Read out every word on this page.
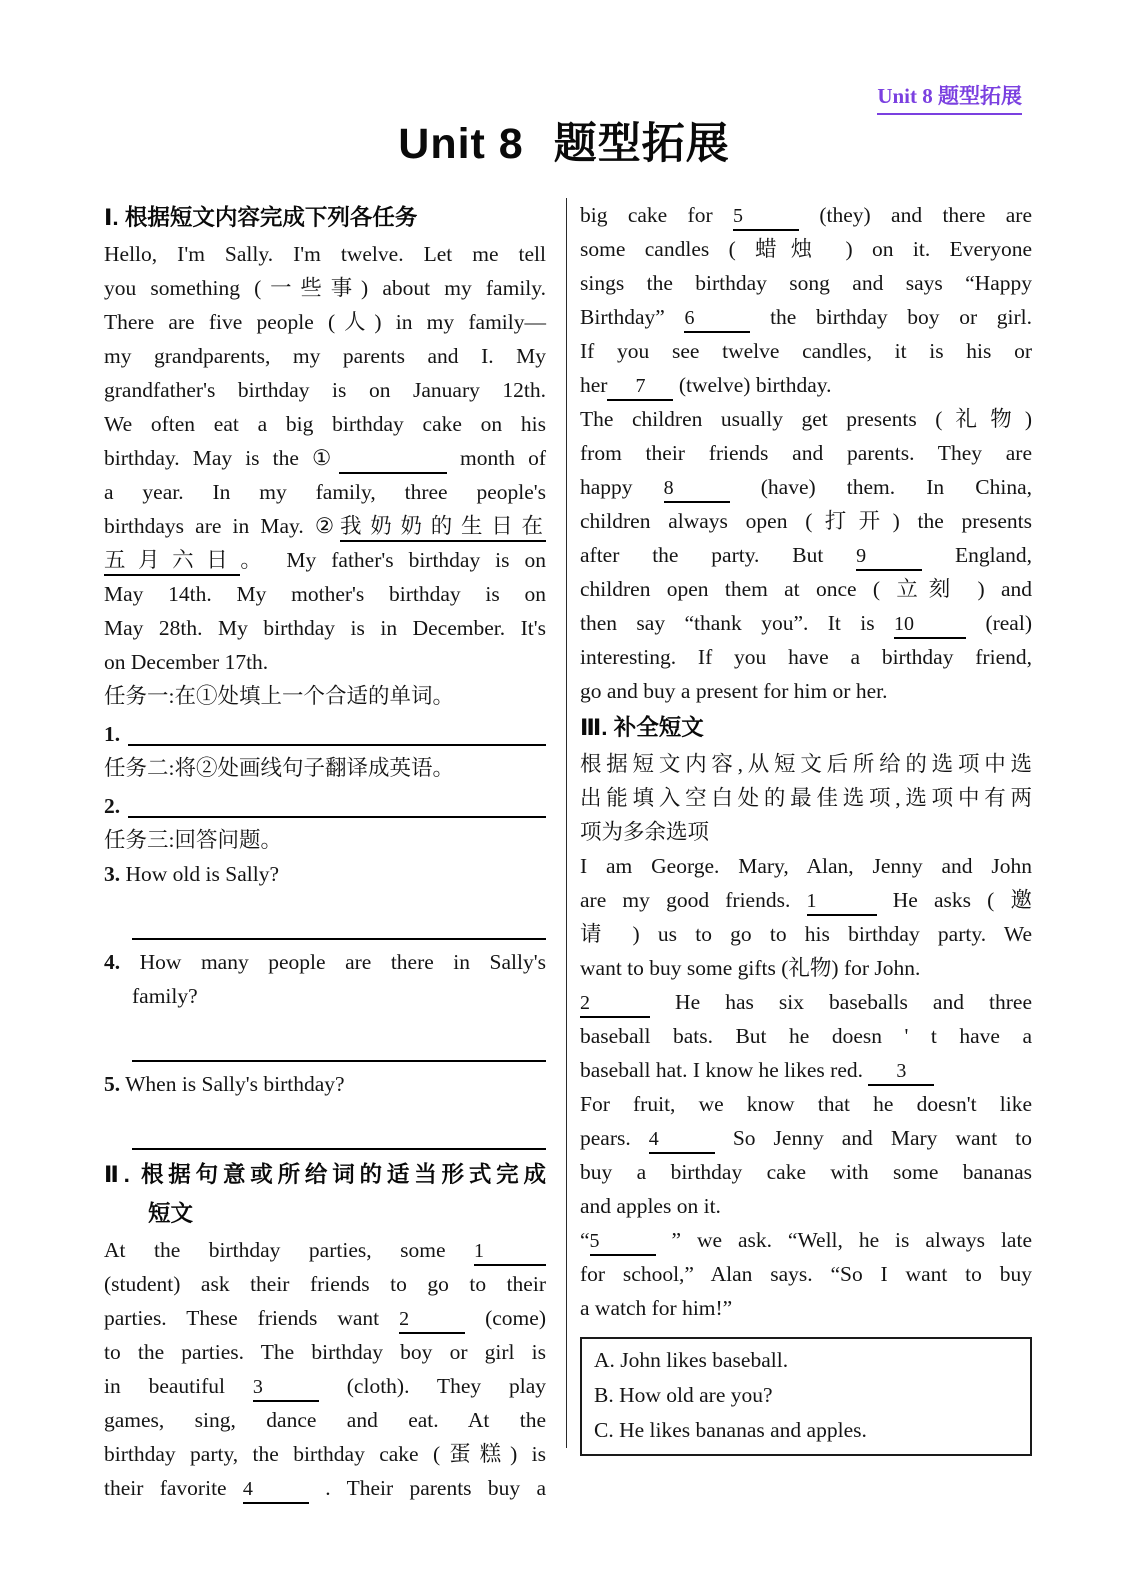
Unit 8 题型拓展
Unit 8 题型拓展
Ⅰ. 根据短文内容完成下列各任务
Hello, I'm Sally. I'm twelve. Let me tell
you something (一些事) about my family.
There are five people (人) in my family—
my grandparents, my parents and I. My
grandfather's birthday is on January 12th.
We often eat a big birthday cake on his
birthday. May is the ①	month of
a year. In my family, three people's
birthdays are in May. ②我奶奶的生日在
五月六日。 My father's birthday is on
May 14th. My mother's birthday is on
May 28th. My birthday is in December. It's
on December 17th.
任务一:在①处填上一个合适的单词。
1.
任务二:将②处画线句子翻译成英语。
2.
任务三:回答问题。
3. How old is Sally?
4. How many people are there in Sally's
family?
5. When is Sally's birthday?
Ⅱ. 根据句意或所给词的适当形式完成
短文
At the birthday parties, some 1
(student) ask their friends to go to their
parties. These friends want 2	(come)
to the parties. The birthday boy or girl is
in beautiful 3	(cloth). They play
games, sing, dance and eat. At the
birthday party, the birthday cake (蛋糕) is
their favorite 4	. Their parents buy a
big cake for 5	(they) and there are
some candles ( 蜡烛 ) on it. Everyone
sings the birthday song and says “Happy
Birthday” 6	the birthday boy or girl.
If you see twelve candles, it is his or
her 7 (twelve) birthday.
The children usually get presents (礼物)
from their friends and parents. They are
happy 8	(have) them. In China,
children always open (打开) the presents
after the party. But 9	England,
children open them at once ( 立刻 ) and
then say “thank you”. It is 10 (real)
interesting. If you have a birthday friend,
go and buy a present for him or her.
Ⅲ. 补全短文
根据短文内容,从短文后所给的选项中选
出能填入空白处的最佳选项,选项中有两
项为多余选项
I am George. Mary, Alan, Jenny and John
are my good friends. 1	He asks ( 邀
请 ) us to go to his birthday party. We
want to buy some gifts (礼物) for John.
2	He has six baseballs and three
baseball bats. But he doesn ' t have a
baseball hat. I know he likes red. 3
For fruit, we know that he doesn't like
pears. 4	So Jenny and Mary want to
buy a birthday cake with some bananas
and apples on it.
“5	” we ask. “Well, he is always late
for school,” Alan says. “So I want to buy
a watch for him!”
A. John likes baseball.
B. How old are you?
C. He likes bananas and apples.
